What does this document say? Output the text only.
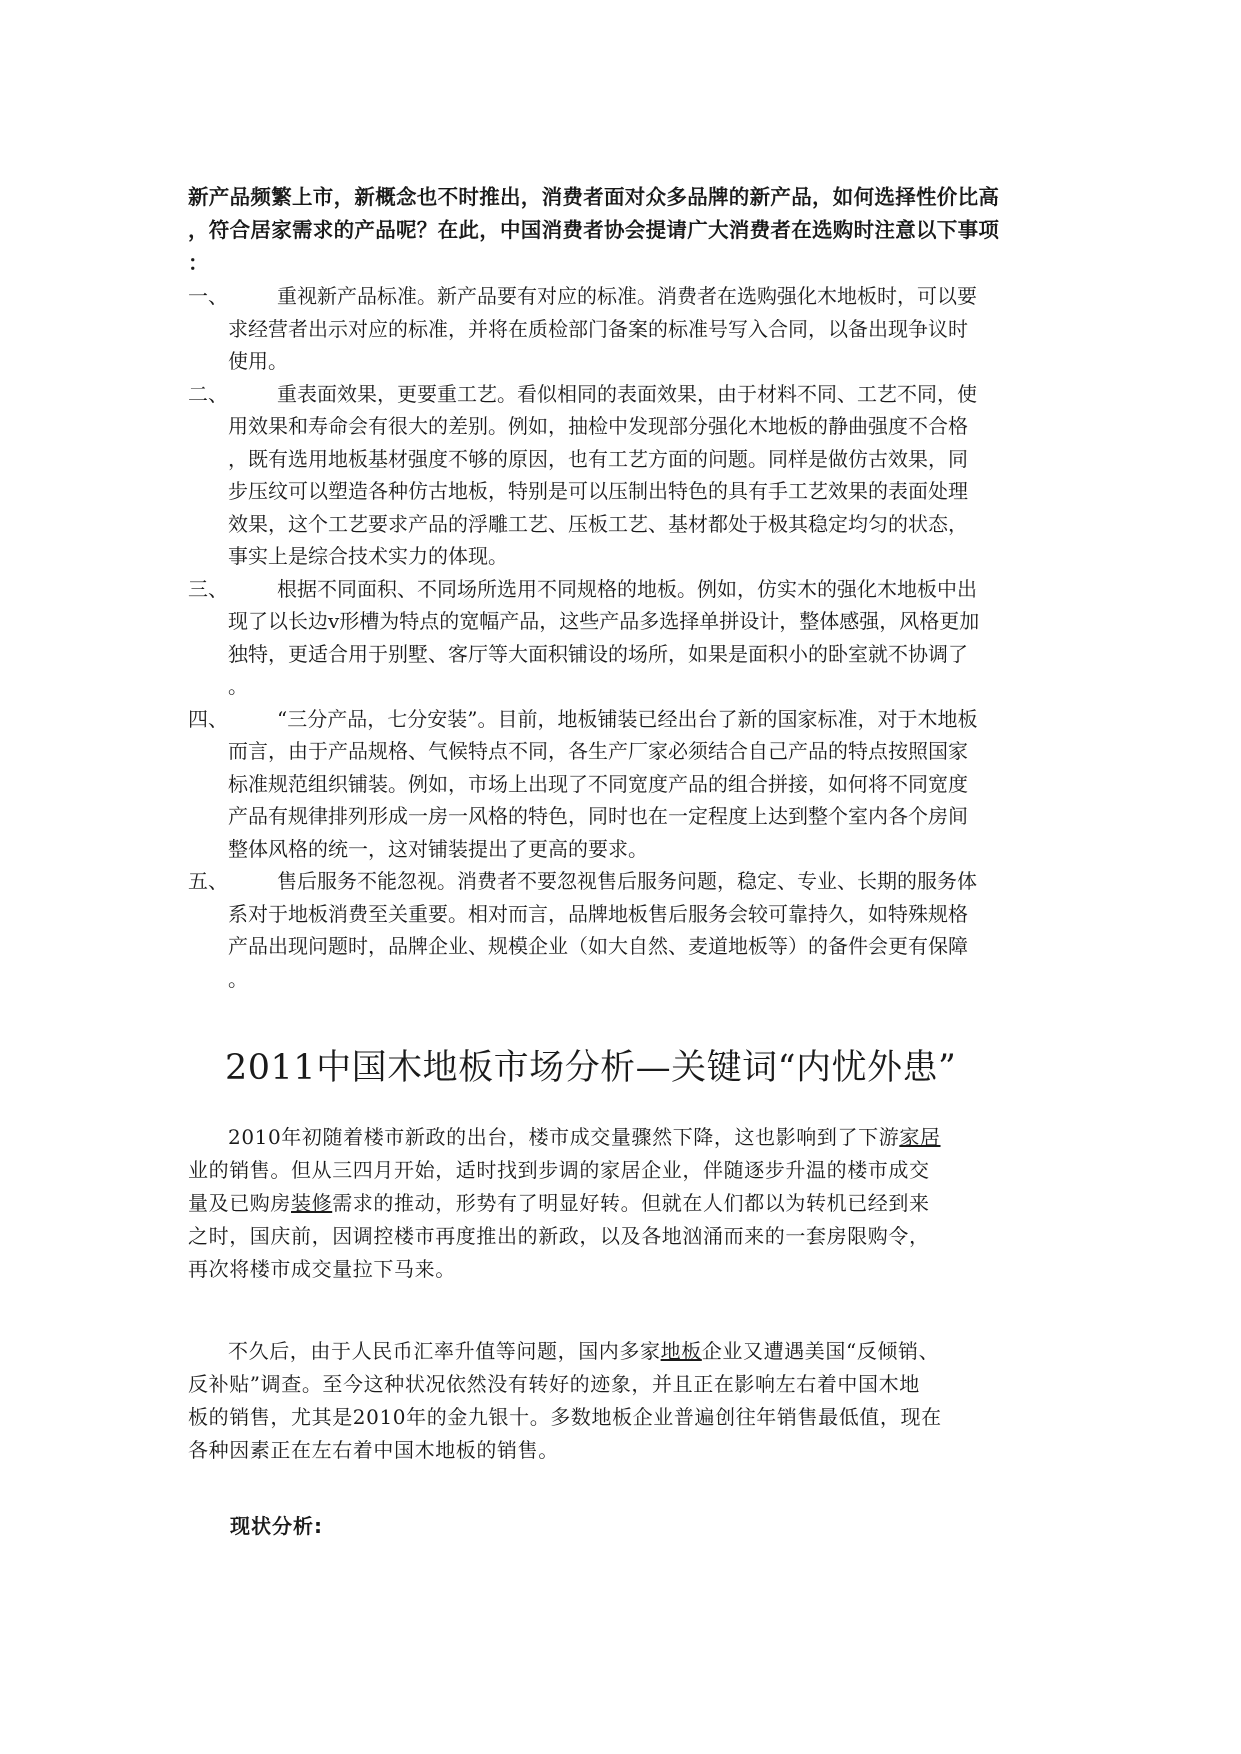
新产品频繁上市，新概念也不时推出，消费者面对众多品牌的新产品，如何选择性价比高
，符合居家需求的产品呢？在此，中国消费者协会提请广大消费者在选购时注意以下事项
：

一、	重视新产品标准。新产品要有对应的标准。消费者在选购强化木地板时，可以要
求经营者出示对应的标准，并将在质检部门备案的标准号写入合同，以备出现争议时
使用。
二、	重表面效果，更要重工艺。看似相同的表面效果，由于材料不同、工艺不同，使
用效果和寿命会有很大的差别。例如，抽检中发现部分强化木地板的静曲强度不合格
，既有选用地板基材强度不够的原因，也有工艺方面的问题。同样是做仿古效果，同
步压纹可以塑造各种仿古地板，特别是可以压制出特色的具有手工艺效果的表面处理
效果，这个工艺要求产品的浮雕工艺、压板工艺、基材都处于极其稳定均匀的状态，
事实上是综合技术实力的体现。
三、	根据不同面积、不同场所选用不同规格的地板。例如，仿实木的强化木地板中出
现了以长边v形槽为特点的宽幅产品，这些产品多选择单拼设计，整体感强，风格更加
独特，更适合用于别墅、客厅等大面积铺设的场所，如果是面积小的卧室就不协调了
。
四、	“三分产品，七分安装”。目前，地板铺装已经出台了新的国家标准，对于木地板
而言，由于产品规格、气候特点不同，各生产厂家必须结合自己产品的特点按照国家
标准规范组织铺装。例如，市场上出现了不同宽度产品的组合拼接，如何将不同宽度
产品有规律排列形成一房一风格的特色，同时也在一定程度上达到整个室内各个房间
整体风格的统一，这对铺装提出了更高的要求。
五、	售后服务不能忽视。消费者不要忽视售后服务问题，稳定、专业、长期的服务体
系对于地板消费至关重要。相对而言，品牌地板售后服务会较可靠持久，如特殊规格
产品出现问题时，品牌企业、规模企业（如大自然、麦道地板等）的备件会更有保障
。
2011中国木地板市场分析—关键词“内忧外患”

2010年初随着楼市新政的出台，楼市成交量骤然下降，这也影响到了下游家居
业的销售。但从三四月开始，适时找到步调的家居企业，伴随逐步升温的楼市成交
量及已购房装修需求的推动，形势有了明显好转。但就在人们都以为转机已经到来
之时，国庆前，因调控楼市再度推出的新政，以及各地汹涌而来的一套房限购令，
再次将楼市成交量拉下马来。

不久后，由于人民币汇率升值等问题，国内多家地板企业又遭遇美国“反倾销、
反补贴”调查。至今这种状况依然没有转好的迹象，并且正在影响左右着中国木地
板的销售，尤其是2010年的金九银十。多数地板企业普遍创往年销售最低值，现在
各种因素正在左右着中国木地板的销售。

现状分析:
